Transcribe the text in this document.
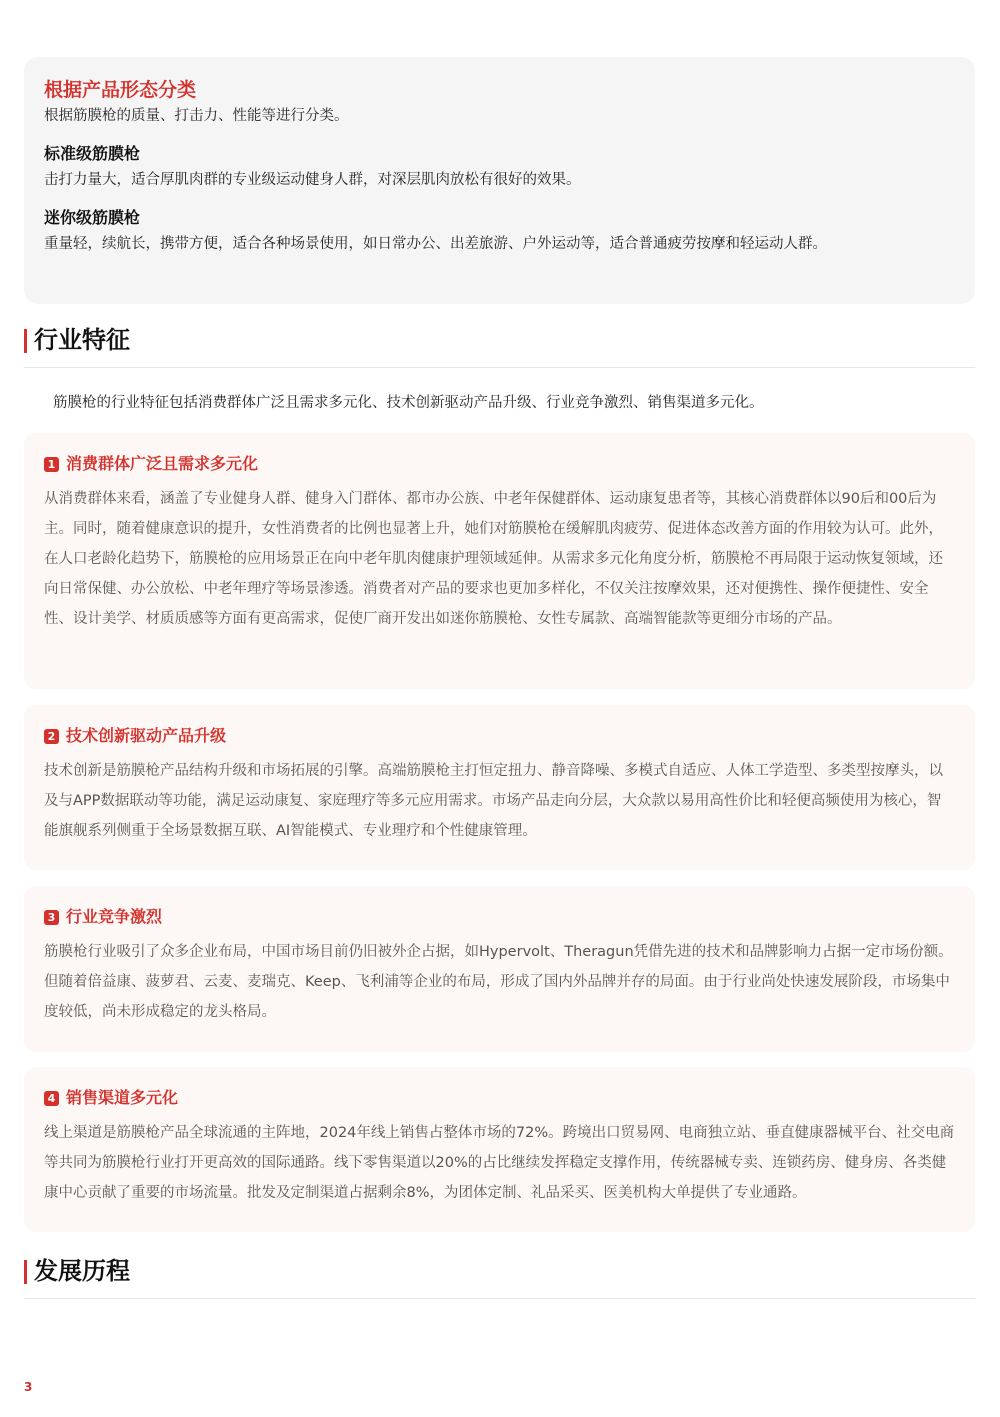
根据产品形态分类

根据筋膜枪的质量、打击力、性能等进行分类。

标准级筋膜枪

击打力量大，适合厚肌肉群的专业级运动健身人群，对深层肌肉放松有很好的效果。

迷你级筋膜枪

重量轻，续航长，携带方便，适合各种场景使用，如日常办公、出差旅游、户外运动等，适合普通疲劳按摩和轻运动人群。

行业特征

筋膜枪的行业特征包括消费群体广泛且需求多元化、技术创新驱动产品升级、行业竞争激烈、销售渠道多元化。

1 消费群体广泛且需求多元化

从消费群体来看，涵盖了专业健身人群、健身入门群体、都市办公族、中老年保健群体、运动康复患者等，其核心消费群体以90后和00后为主。同时，随着健康意识的提升，女性消费者的比例也显著上升，她们对筋膜枪在缓解肌肉疲劳、促进体态改善方面的作用较为认可。此外，在人口老龄化趋势下，筋膜枪的应用场景正在向中老年肌肉健康护理领域延伸。从需求多元化角度分析，筋膜枪不再局限于运动恢复领域，还向日常保健、办公放松、中老年理疗等场景渗透。消费者对产品的要求也更加多样化，不仅关注按摩效果，还对便携性、操作便捷性、安全性、设计美学、材质质感等方面有更高需求，促使厂商开发出如迷你筋膜枪、女性专属款、高端智能款等更细分市场的产品。

2 技术创新驱动产品升级

技术创新是筋膜枪产品结构升级和市场拓展的引擎。高端筋膜枪主打恒定扭力、静音降噪、多模式自适应、人体工学造型、多类型按摩头，以及与APP数据联动等功能，满足运动康复、家庭理疗等多元应用需求。市场产品走向分层，大众款以易用高性价比和轻便高频使用为核心，智能旗舰系列侧重于全场景数据互联、AI智能模式、专业理疗和个性健康管理。

3 行业竞争激烈

筋膜枪行业吸引了众多企业布局，中国市场目前仍旧被外企占据，如Hypervolt、Theragun凭借先进的技术和品牌影响力占据一定市场份额。但随着倍益康、菠萝君、云麦、麦瑞克、Keep、飞利浦等企业的布局，形成了国内外品牌并存的局面。由于行业尚处快速发展阶段，市场集中度较低，尚未形成稳定的龙头格局。

4 销售渠道多元化

线上渠道是筋膜枪产品全球流通的主阵地，2024年线上销售占整体市场的72%。跨境出口贸易网、电商独立站、垂直健康器械平台、社交电商等共同为筋膜枪行业打开更高效的国际通路。线下零售渠道以20%的占比继续发挥稳定支撑作用，传统器械专卖、连锁药房、健身房、各类健康中心贡献了重要的市场流量。批发及定制渠道占据剩余8%，为团体定制、礼品采买、医美机构大单提供了专业通路。

发展历程
3
